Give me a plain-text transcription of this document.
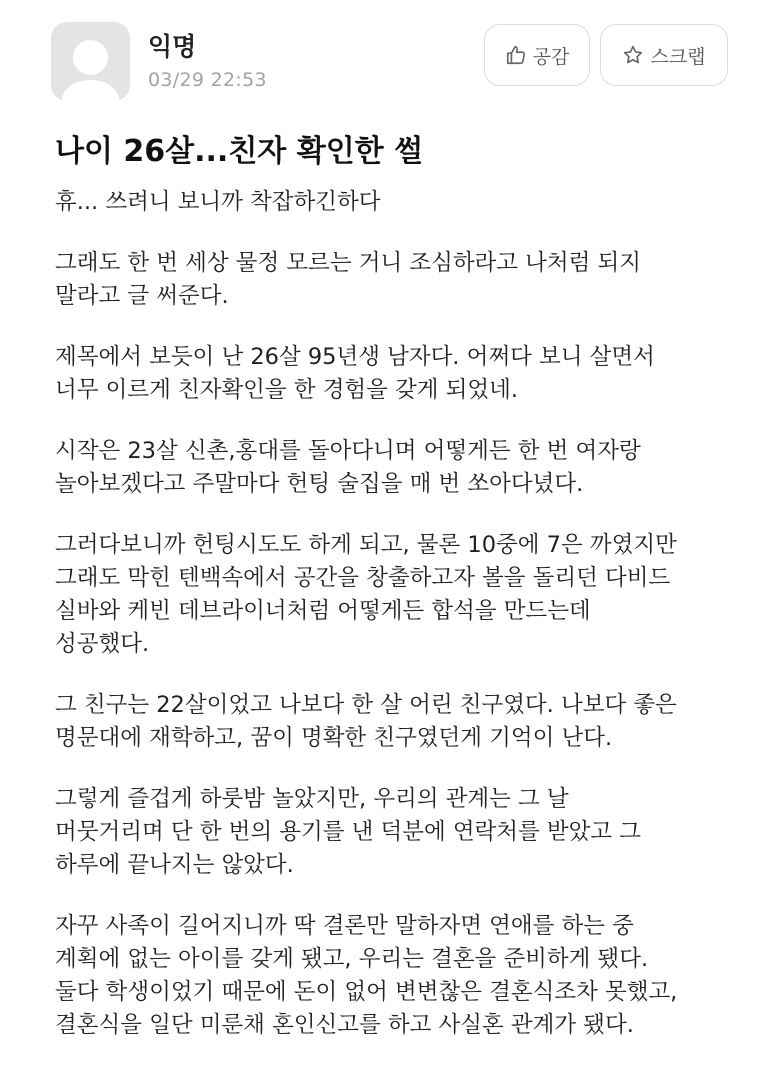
익명
03/29 22:53
공감	스크랩
나이 26살...친자 확인한 썰

휴... 쓰려니 보니까 착잡하긴하다

그래도 한 번 세상 물정 모르는 거니 조심하라고 나처럼 되지
말라고 글 써준다.

제목에서 보듯이 난 26살 95년생 남자다. 어쩌다 보니 살면서
너무 이르게 친자확인을 한 경험을 갖게 되었네.

시작은 23살 신촌,홍대를 돌아다니며 어떻게든 한 번 여자랑
놀아보겠다고 주말마다 헌팅 술집을 매 번 쏘아다녔다.

그러다보니까 헌팅시도도 하게 되고, 물론 10중에 7은 까였지만
그래도 막힌 텐백속에서 공간을 창출하고자 볼을 돌리던 다비드
실바와 케빈 데브라이너처럼 어떻게든 합석을 만드는데
성공했다.

그 친구는 22살이었고 나보다 한 살 어린 친구였다. 나보다 좋은
명문대에 재학하고, 꿈이 명확한 친구였던게 기억이 난다.

그렇게 즐겁게 하룻밤 놀았지만, 우리의 관계는 그 날
머뭇거리며 단 한 번의 용기를 낸 덕분에 연락처를 받았고 그
하루에 끝나지는 않았다.

자꾸 사족이 길어지니까 딱 결론만 말하자면 연애를 하는 중
계획에 없는 아이를 갖게 됐고, 우리는 결혼을 준비하게 됐다.
둘다 학생이었기 때문에 돈이 없어 변변찮은 결혼식조차 못했고,
결혼식을 일단 미룬채 혼인신고를 하고 사실혼 관계가 됐다.
